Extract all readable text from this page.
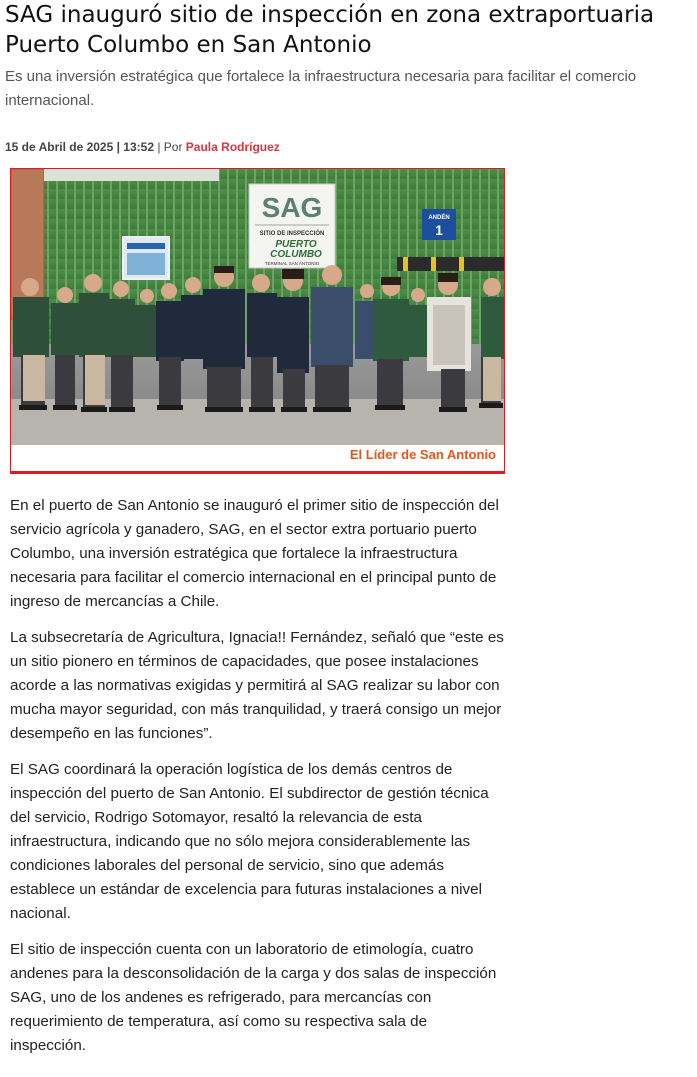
SAG inauguró sitio de inspección en zona extraportuaria Puerto Columbo en San Antonio

Es una inversión estratégica que fortalece la infraestructura necesaria para facilitar el comercio internacional.

15 de Abril de 2025 | 13:52 | Por Paula Rodríguez

SAG
SITIO DE INSPECCIÓN
PUERTO
COLUMBO
TERMINAL SAN ANTONIO
ANDÉN
1
El Líder de San Antonio

En el puerto de San Antonio se inauguró el primer sitio de inspección del servicio agrícola y ganadero, SAG, en el sector extra portuario puerto Columbo, una inversión estratégica que fortalece la infraestructura necesaria para facilitar el comercio internacional en el principal punto de ingreso de mercancías a Chile.

La subsecretaría de Agricultura, Ignacia!! Fernández, señaló que “este es un sitio pionero en términos de capacidades, que posee instalaciones acorde a las normativas exigidas y permitirá al SAG realizar su labor con mucha mayor seguridad, con más tranquilidad, y traerá consigo un mejor desempeño en las funciones”.

El SAG coordinará la operación logística de los demás centros de inspección del puerto de San Antonio. El subdirector de gestión técnica del servicio, Rodrigo Sotomayor, resaltó la relevancia de esta infraestructura, indicando que no sólo mejora considerablemente las condiciones laborales del personal de servicio, sino que además establece un estándar de excelencia para futuras instalaciones a nivel nacional.

El sitio de inspección cuenta con un laboratorio de etimología, cuatro andenes para la desconsolidación de la carga y dos salas de inspección SAG, uno de los andenes es refrigerado, para mercancías con requerimiento de temperatura, así como su respectiva sala de inspección.
